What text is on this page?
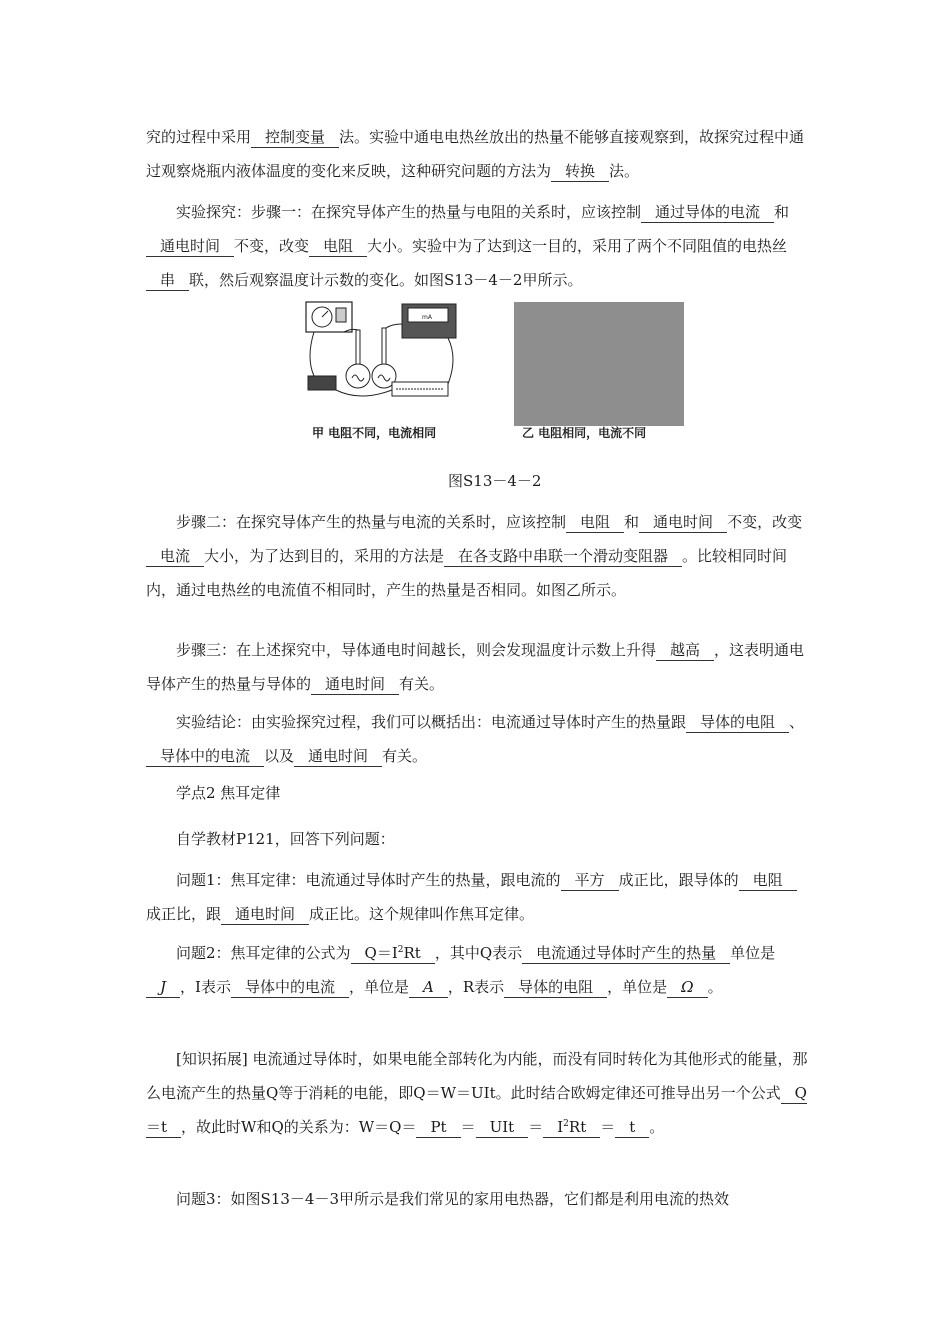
究的过程中采用 控制变量 法。实验中通电电热丝放出的热量不能够直接观察到，故探究过程中通过观察烧瓶内液体温度的变化来反映，这种研究问题的方法为 转换 法。

实验探究：步骤一：在探究导体产生的热量与电阻的关系时，应该控制 通过导体的电流 和通电时间 不变，改变 电阻 大小。实验中为了达到这一目的，采用了两个不同阻值的电热丝串 联，然后观察温度计示数的变化。如图S13－4－2甲所示。

mA
甲 电阻不同，电流相同	乙 电阻相同，电流不同
图S13－4－2

步骤二：在探究导体产生的热量与电流的关系时，应该控制 电阻 和 通电时间 不变，改变电流 大小，为了达到目的，采用的方法是 在各支路中串联一个滑动变阻器 。比较相同时间内，通过电热丝的电流值不相同时，产生的热量是否相同。如图乙所示。

步骤三：在上述探究中，导体通电时间越长，则会发现温度计示数上升得 越高 ，这表明通电导体产生的热量与导体的 通电时间 有关。

实验结论：由实验探究过程，我们可以概括出：电流通过导体时产生的热量跟 导体的电阻 、导体中的电流 以及 通电时间 有关。

学点2 焦耳定律

自学教材P121，回答下列问题：

问题1：焦耳定律：电流通过导体时产生的热量，跟电流的 平方 成正比，跟导体的 电阻成正比，跟 通电时间 成正比。这个规律叫作焦耳定律。

问题2：焦耳定律的公式为 $Q=I^2Rt$ ，其中Q表示 电流通过导体时产生的热量 单位是J ，I表示 导体中的电流 ，单位是 A ，R表示 导体的电阻 ，单位是 Ω 。

[知识拓展] 电流通过导体时，如果电能全部转化为内能，而没有同时转化为其他形式的能量，那么电流产生的热量Q等于消耗的电能，即Q＝W＝UIt。此时结合欧姆定律还可推导出另一个公式 Q＝t ，故此时W和Q的关系为：W＝Q＝ Pt ＝ UIt ＝ $I^2Rt = t$ 。

问题3：如图S13－4－3甲所示是我们常见的家用电热器，它们都是利用电流的热效
